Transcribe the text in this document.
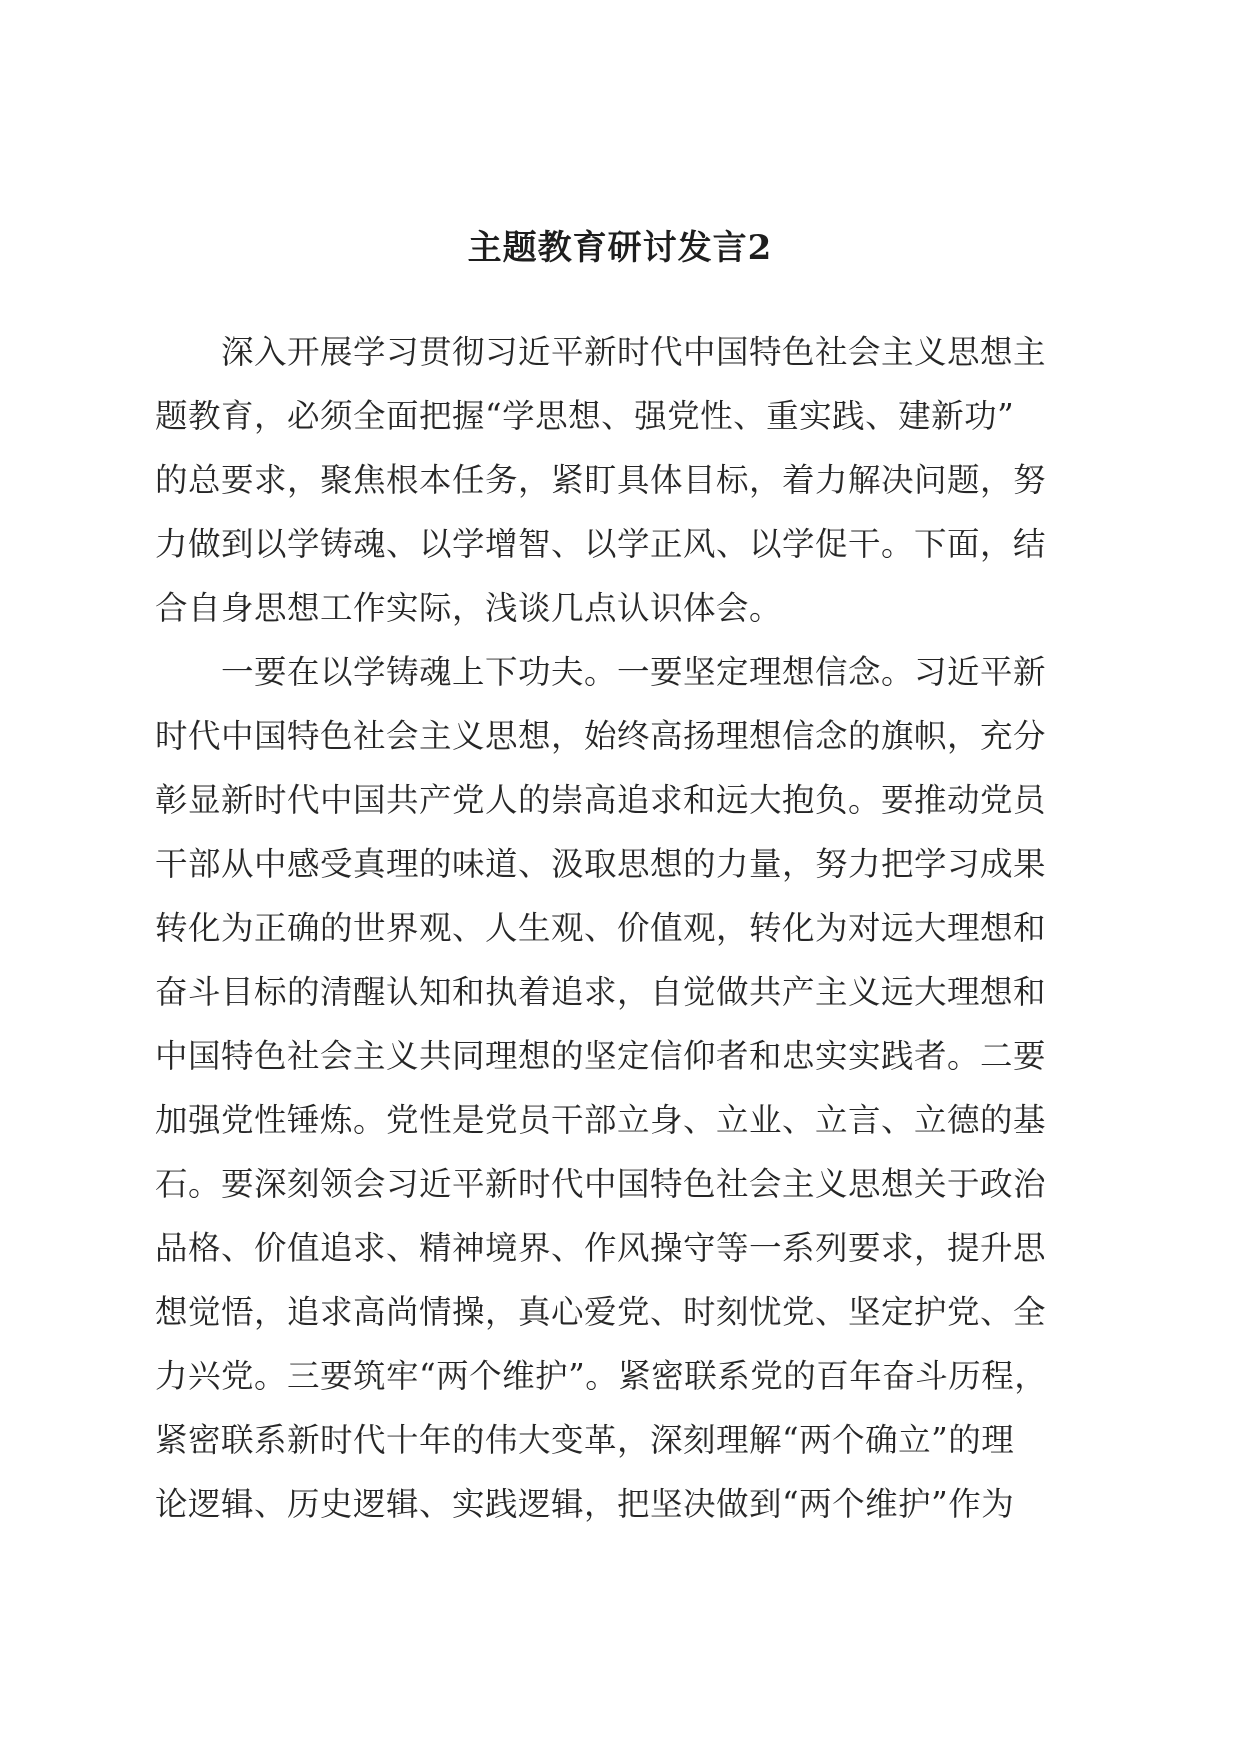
主题教育研讨发言2
　　深入开展学习贯彻习近平新时代中国特色社会主义思想主
题教育，必须全面把握“学思想、强党性、重实践、建新功”
的总要求，聚焦根本任务，紧盯具体目标，着力解决问题，努
力做到以学铸魂、以学增智、以学正风、以学促干。下面，结
合自身思想工作实际，浅谈几点认识体会。
　　一要在以学铸魂上下功夫。一要坚定理想信念。习近平新
时代中国特色社会主义思想，始终高扬理想信念的旗帜，充分
彰显新时代中国共产党人的崇高追求和远大抱负。要推动党员
干部从中感受真理的味道、汲取思想的力量，努力把学习成果
转化为正确的世界观、人生观、价值观，转化为对远大理想和
奋斗目标的清醒认知和执着追求，自觉做共产主义远大理想和
中国特色社会主义共同理想的坚定信仰者和忠实实践者。二要
加强党性锤炼。党性是党员干部立身、立业、立言、立德的基
石。要深刻领会习近平新时代中国特色社会主义思想关于政治
品格、价值追求、精神境界、作风操守等一系列要求，提升思
想觉悟，追求高尚情操，真心爱党、时刻忧党、坚定护党、全
力兴党。三要筑牢“两个维护”。紧密联系党的百年奋斗历程，
紧密联系新时代十年的伟大变革，深刻理解“两个确立”的理
论逻辑、历史逻辑、实践逻辑，把坚决做到“两个维护”作为
